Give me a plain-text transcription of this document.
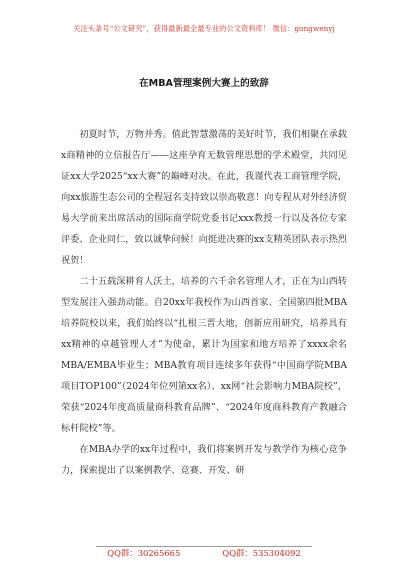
关注头条号“公文研究”，获得最新最全最专业的公文资料库！ 微信：gongwenyj
在MBA管理案例大赛上的致辞

初夏时节，万物并秀。值此智慧激荡的美好时节，我们相聚在承载x商精神的立信报告厅——这座孕育无数管理思想的学术殿堂，共同见证xx大学2025“xx大赛”的巅峰对决。在此，我谨代表工商管理学院，向xx旅游生态公司的全程冠名支持致以崇高敬意！向专程从对外经济贸易大学前来出席活动的国际商学院党委书记xxx教授一行以及各位专家评委、企业同仁，致以诚挚问候！向挺进决赛的xx支精英团队表示热烈祝贺！

二十五载深耕育人沃土，培养的六千余名管理人才，正在为山西转型发展注入强劲动能。自20xx年我校作为山西首家、全国第四批MBA培养院校以来，我们始终以“扎根三晋大地，创新应用研究，培养具有xx精神的卓越管理人才”为使命，累计为国家和地方培养了xxxx余名MBA/EMBA毕业生；MBA教育项目连续多年获得“中国商学院MBA项目TOP100”（2024年位列第xx名）、xx网“社会影响力MBA院校”，荣获“2024年度高质量商科教育品牌”、“2024年度商科教育产教融合标杆院校”等。

在MBA办学的xx年过程中，我们将案例开发与教学作为核心竞争力，探索提出了以案例教学、竞赛、开发、研

QQ群：30265665	QQ群：535304092
